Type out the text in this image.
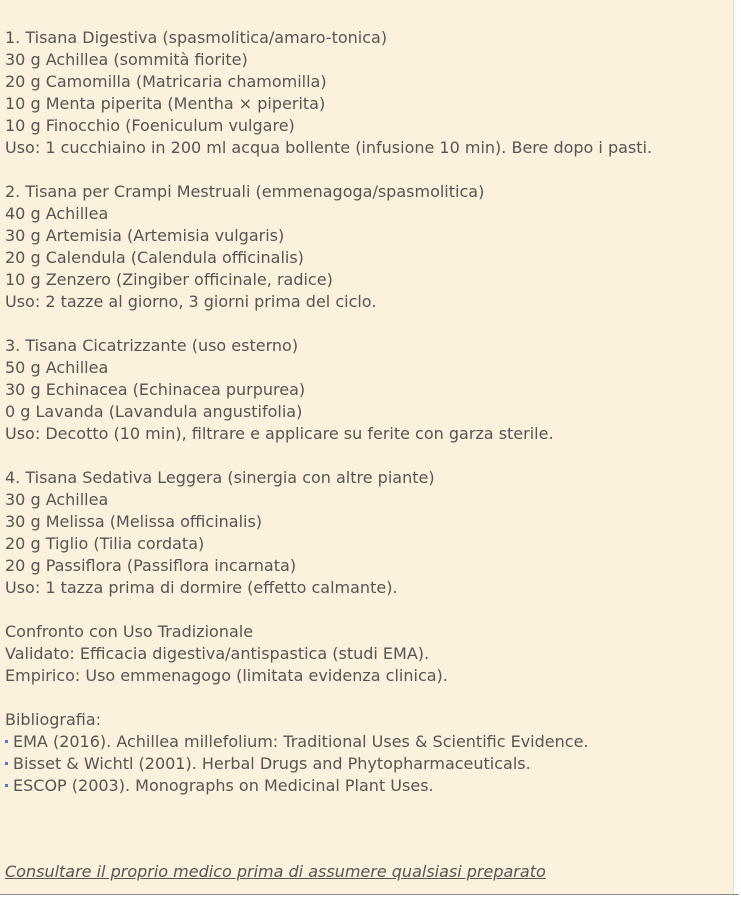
1. Tisana Digestiva (spasmolitica/amaro-tonica)
30 g Achillea (sommità fiorite)
20 g Camomilla (Matricaria chamomilla)
10 g Menta piperita (Mentha × piperita)
10 g Finocchio (Foeniculum vulgare)
Uso: 1 cucchiaino in 200 ml acqua bollente (infusione 10 min). Bere dopo i pasti.
2. Tisana per Crampi Mestruali (emmenagoga/spasmolitica)
40 g Achillea
30 g Artemisia (Artemisia vulgaris)
20 g Calendula (Calendula officinalis)
10 g Zenzero (Zingiber officinale, radice)
Uso: 2 tazze al giorno, 3 giorni prima del ciclo.
3. Tisana Cicatrizzante (uso esterno)
50 g Achillea
30 g Echinacea (Echinacea purpurea)
0 g Lavanda (Lavandula angustifolia)
Uso: Decotto (10 min), filtrare e applicare su ferite con garza sterile.
4. Tisana Sedativa Leggera (sinergia con altre piante)
30 g Achillea
30 g Melissa (Melissa officinalis)
20 g Tiglio (Tilia cordata)
20 g Passiflora (Passiflora incarnata)
Uso: 1 tazza prima di dormire (effetto calmante).
Confronto con Uso Tradizionale
Validato: Efficacia digestiva/antispastica (studi EMA).
Empirico: Uso emmenagogo (limitata evidenza clinica).
Bibliografia:
EMA (2016). Achillea millefolium: Traditional Uses & Scientific Evidence.
Bisset & Wichtl (2001). Herbal Drugs and Phytopharmaceuticals.
ESCOP (2003). Monographs on Medicinal Plant Uses.
Consultare il proprio medico prima di assumere qualsiasi preparato
